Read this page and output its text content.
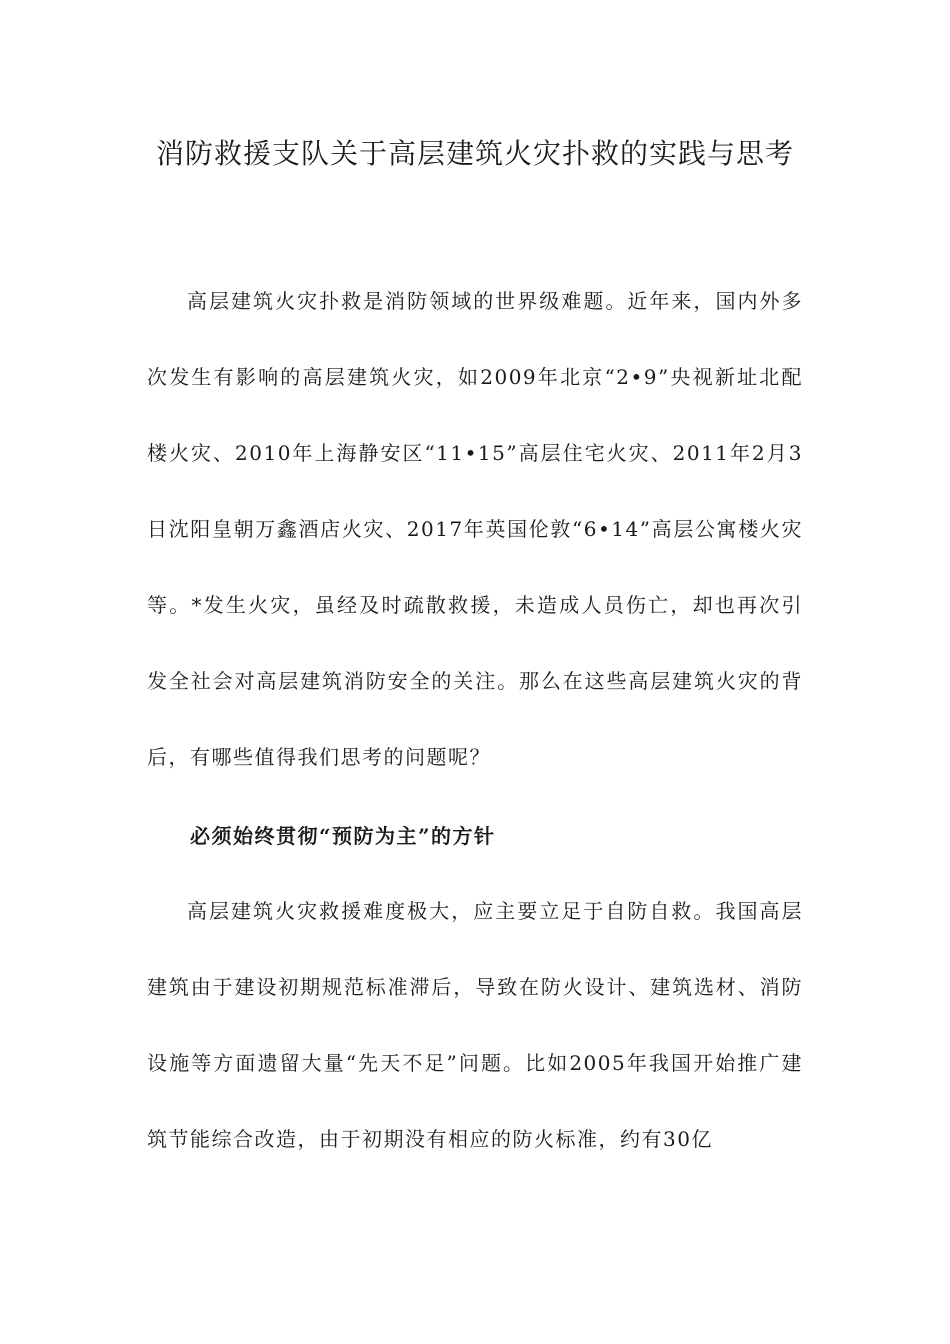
消防救援支队关于高层建筑火灾扑救的实践与思考

高层建筑火灾扑救是消防领域的世界级难题。近年来，国内外多次发生有影响的高层建筑火灾，如2009年北京“2•9”央视新址北配楼火灾、2010年上海静安区“11•15”高层住宅火灾、2011年2月3日沈阳皇朝万鑫酒店火灾、2017年英国伦敦“6•14”高层公寓楼火灾等。*发生火灾，虽经及时疏散救援，未造成人员伤亡，却也再次引发全社会对高层建筑消防安全的关注。那么在这些高层建筑火灾的背后，有哪些值得我们思考的问题呢？

必须始终贯彻“预防为主”的方针

高层建筑火灾救援难度极大，应主要立足于自防自救。我国高层建筑由于建设初期规范标准滞后，导致在防火设计、建筑选材、消防设施等方面遗留大量“先天不足”问题。比如2005年我国开始推广建筑节能综合改造，由于初期没有相应的防火标准，约有30亿
